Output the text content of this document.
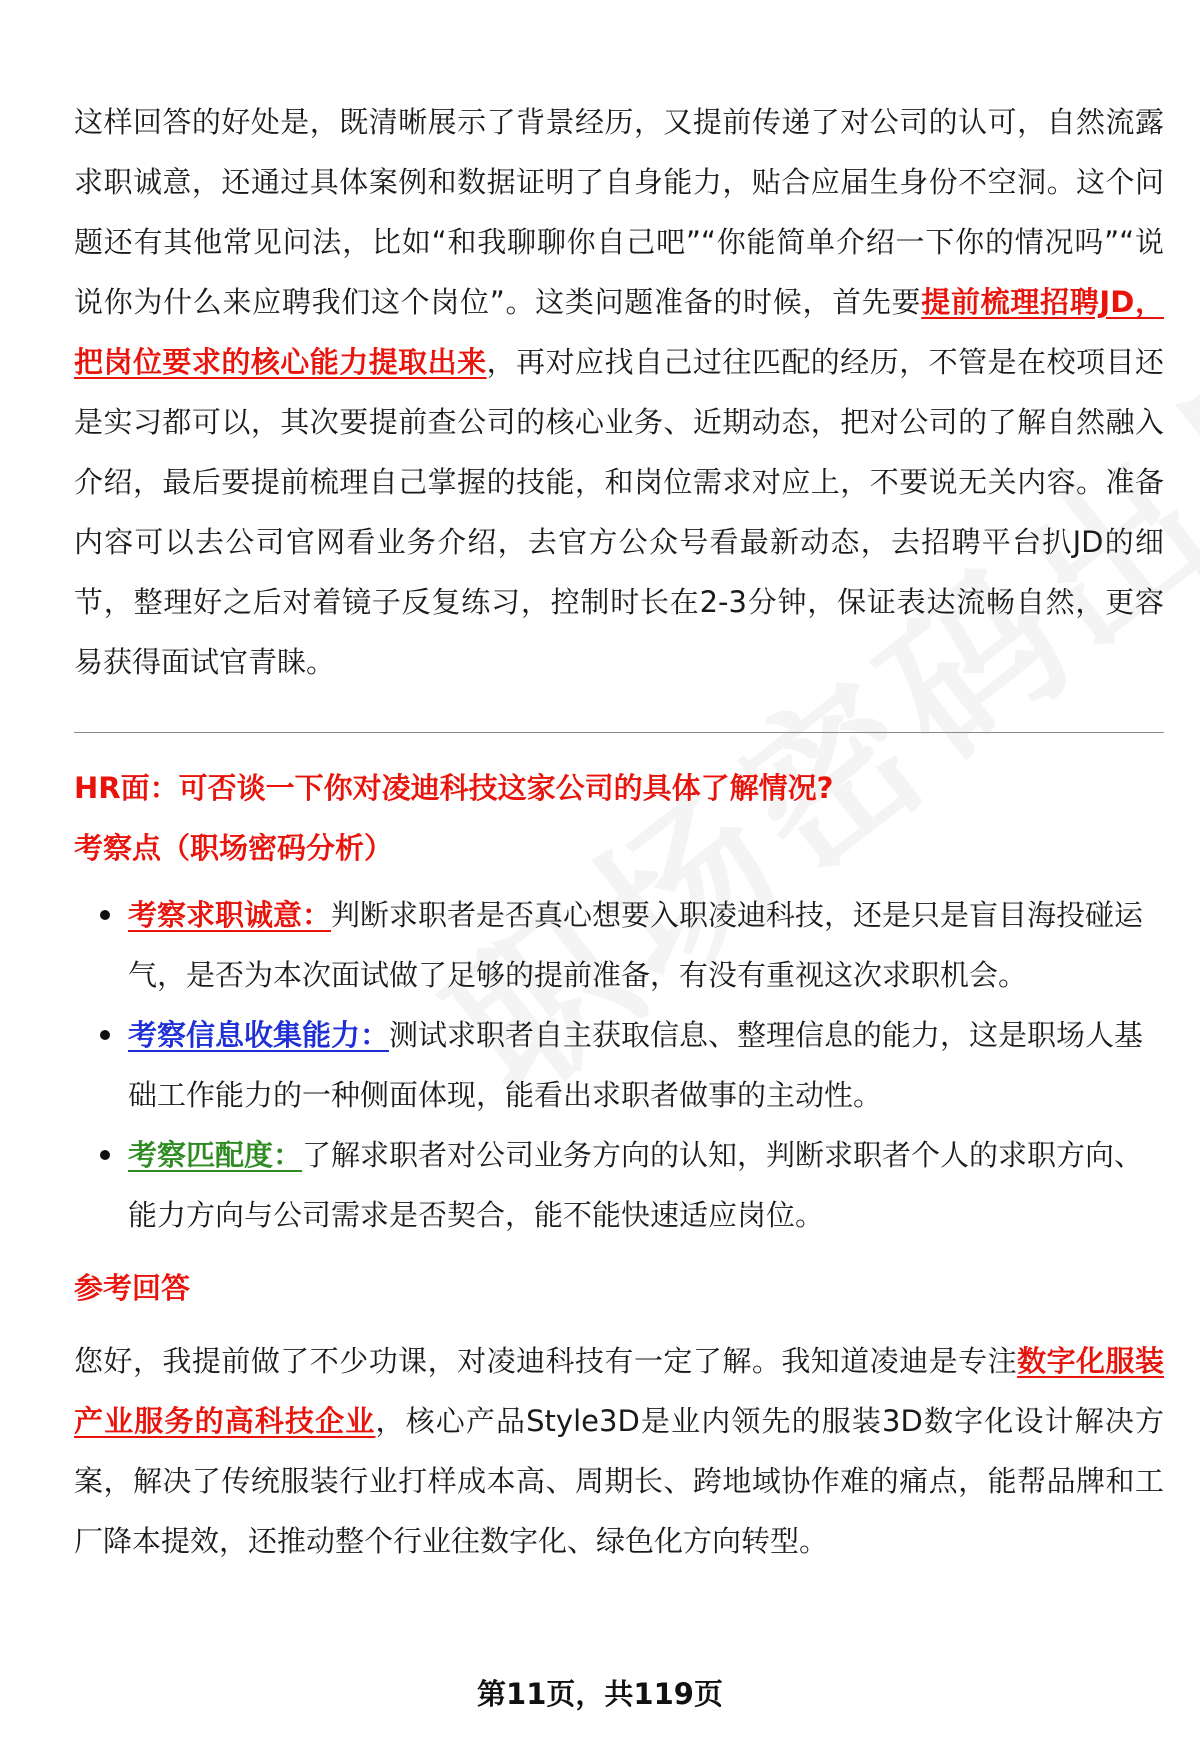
这样回答的好处是，既清晰展示了背景经历，又提前传递了对公司的认可，自然流露求职诚意，还通过具体案例和数据证明了自身能力，贴合应届生身份不空洞。这个问题还有其他常见问法，比如“和我聊聊你自己吧”“你能简单介绍一下你的情况吗”“说说你为什么来应聘我们这个岗位”。这类问题准备的时候，首先要提前梳理招聘JD，把岗位要求的核心能力提取出来，再对应找自己过往匹配的经历，不管是在校项目还是实习都可以，其次要提前查公司的核心业务、近期动态，把对公司的了解自然融入介绍，最后要提前梳理自己掌握的技能，和岗位需求对应上，不要说无关内容。准备内容可以去公司官网看业务介绍，去官方公众号看最新动态，去招聘平台扒JD的细节，整理好之后对着镜子反复练习，控制时长在2-3分钟，保证表达流畅自然，更容易获得面试官青睐。

HR面：可否谈一下你对凌迪科技这家公司的具体了解情况?

考察点（职场密码分析）

考察求职诚意：判断求职者是否真心想要入职凌迪科技，还是只是盲目海投碰运气，是否为本次面试做了足够的提前准备，有没有重视这次求职机会。
考察信息收集能力：测试求职者自主获取信息、整理信息的能力，这是职场人基础工作能力的一种侧面体现，能看出求职者做事的主动性。
考察匹配度：了解求职者对公司业务方向的认知，判断求职者个人的求职方向、能力方向与公司需求是否契合，能不能快速适应岗位。

参考回答

您好，我提前做了不少功课，对凌迪科技有一定了解。我知道凌迪是专注数字化服装产业服务的高科技企业，核心产品Style3D是业内领先的服装3D数字化设计解决方案，解决了传统服装行业打样成本高、周期长、跨地域协作难的痛点，能帮品牌和工厂降本提效，还推动整个行业往数字化、绿色化方向转型。

第11页，共119页
